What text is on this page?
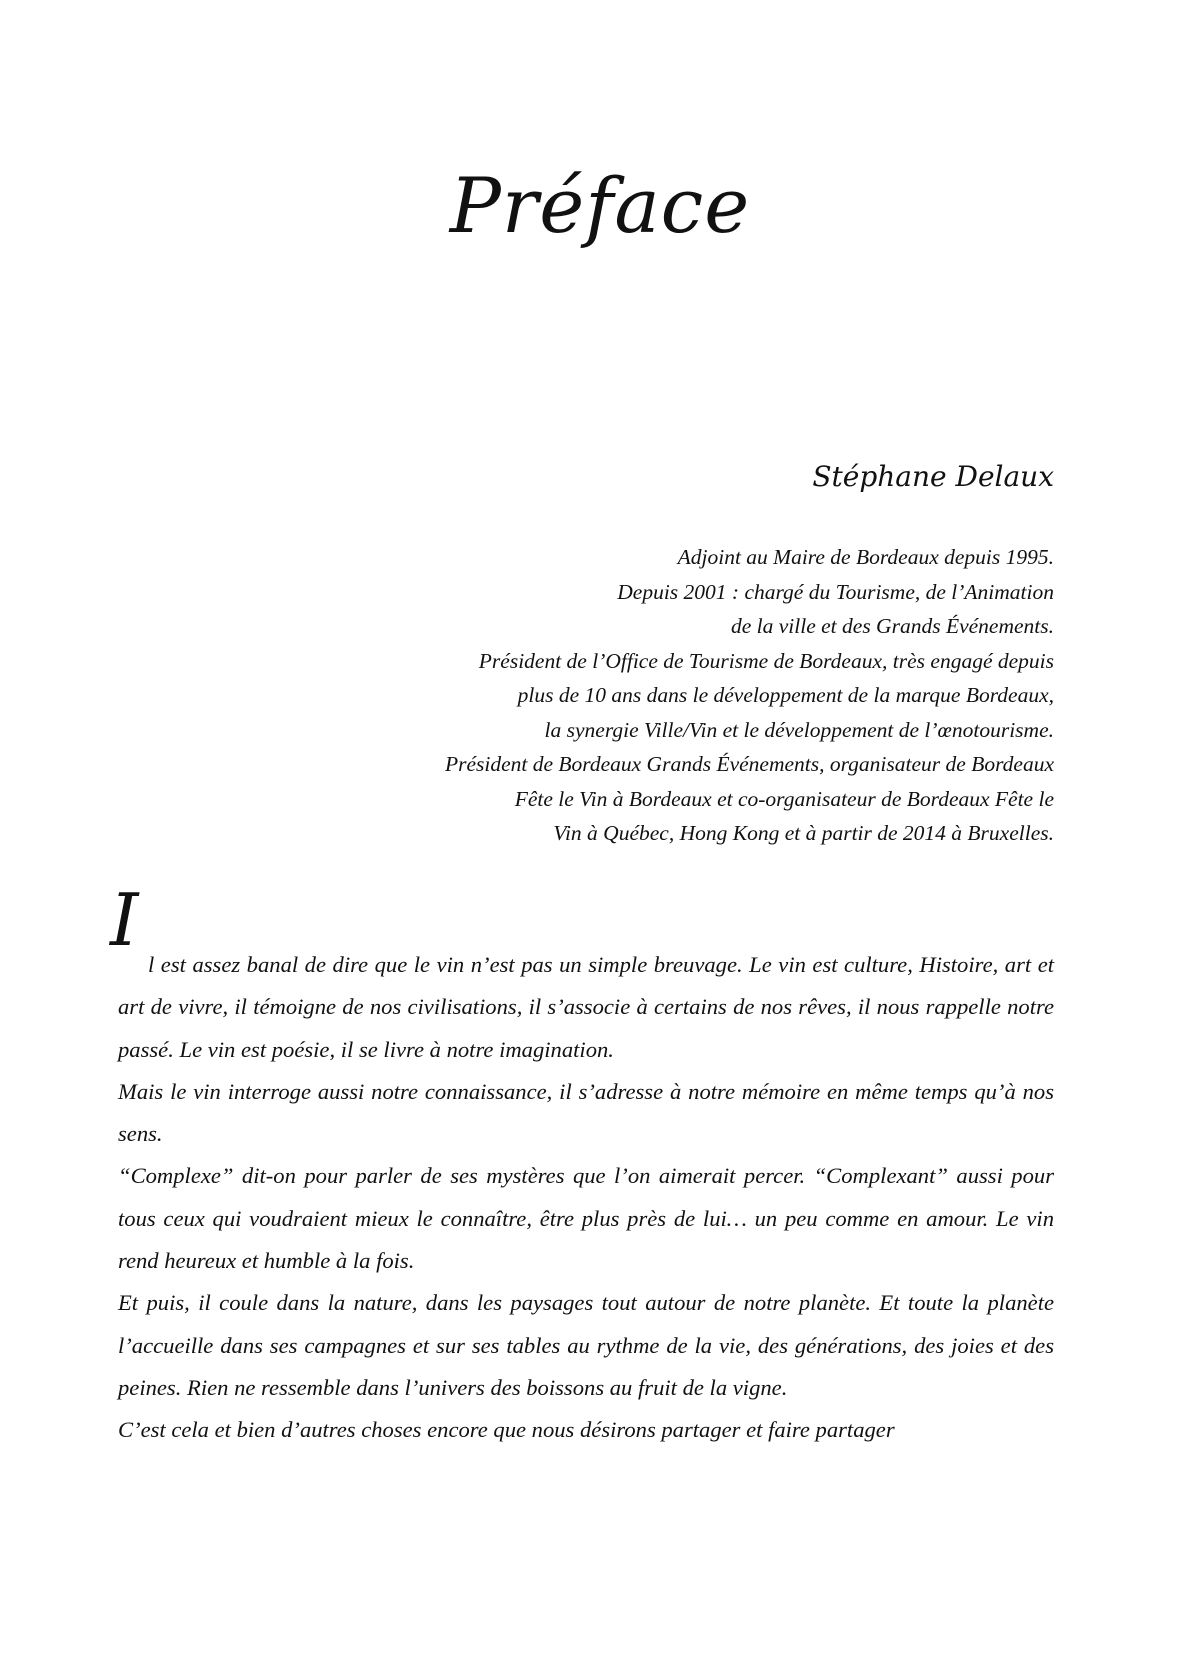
Préface
Stéphane Delaux
Adjoint au Maire de Bordeaux depuis 1995.
Depuis 2001 : chargé du Tourisme, de l’Animation
de la ville et des Grands Événements.
Président de l’Office de Tourisme de Bordeaux, très engagé depuis
plus de 10 ans dans le développement de la marque Bordeaux,
la synergie Ville/Vin et le développement de l’œnotourisme.
Président de Bordeaux Grands Événements, organisateur de Bordeaux
Fête le Vin à Bordeaux et co-organisateur de Bordeaux Fête le
Vin à Québec, Hong Kong et à partir de 2014 à Bruxelles.
I

l est assez banal de dire que le vin n’est pas un simple breuvage. Le vin est culture, Histoire, art et art de vivre, il témoigne de nos civilisations, il s’associe à certains de nos rêves, il nous rappelle notre passé. Le vin est poésie, il se livre à notre imagination.

Mais le vin interroge aussi notre connaissance, il s’adresse à notre mémoire en même temps qu’à nos sens.

“Complexe” dit-on pour parler de ses mystères que l’on aimerait percer. “Complexant” aussi pour tous ceux qui voudraient mieux le connaître, être plus près de lui… un peu comme en amour. Le vin rend heureux et humble à la fois.

Et puis, il coule dans la nature, dans les paysages tout autour de notre planète. Et toute la planète l’accueille dans ses campagnes et sur ses tables au rythme de la vie, des générations, des joies et des peines. Rien ne ressemble dans l’univers des boissons au fruit de la vigne.

C’est cela et bien d’autres choses encore que nous désirons partager et faire partager
